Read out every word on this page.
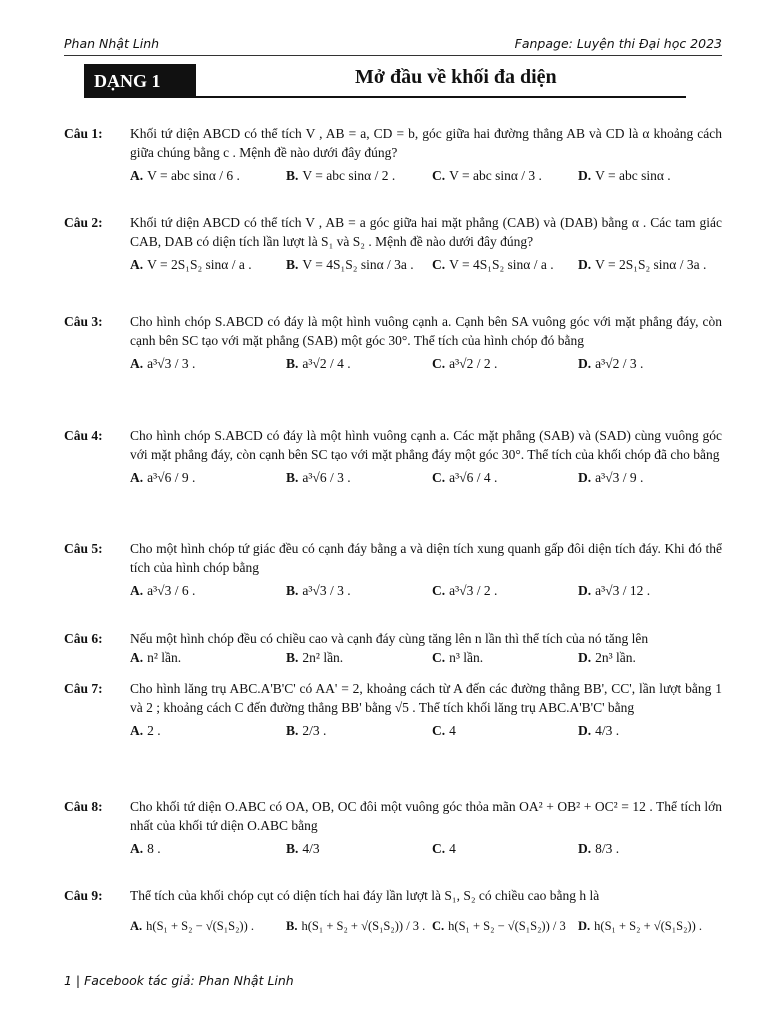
Phan Nhật Linh	Fanpage: Luyện thi Đại học 2023
DẠNG 1	Mở đầu về khối đa diện
Câu 1: Khối tứ diện ABCD có thể tích V , AB = a, CD = b, góc giữa hai đường thẳng AB và CD là α khoảng cách giữa chúng bằng c . Mệnh đề nào dưới đây đúng?
A. V = abc sinα / 6 .	B. V = abc sinα / 2 .	C. V = abc sinα / 3 .	D. V = abc sinα .
Câu 2: Khối tứ diện ABCD có thể tích V , AB = a góc giữa hai mặt phẳng (CAB) và (DAB) bằng α . Các tam giác CAB, DAB có diện tích lần lượt là S₁ và S₂ . Mệnh đề nào dưới đây đúng?
A. V = 2S₁S₂ sinα / a .	B. V = 4S₁S₂ sinα / 3a . C. V = 4S₁S₂ sinα / a . D. V = 2S₁S₂ sinα / 3a .
Câu 3: Cho hình chóp S.ABCD có đáy là một hình vuông cạnh a. Cạnh bên SA vuông góc với mặt phẳng đáy, còn cạnh bên SC tạo với mặt phẳng (SAB) một góc 30°. Thể tích của hình chóp đó bằng
A. a³√3 / 3 .	B. a³√2 / 4 .	C. a³√2 / 2 .	D. a³√2 / 3 .
Câu 4: Cho hình chóp S.ABCD có đáy là một hình vuông cạnh a. Các mặt phẳng (SAB) và (SAD) cùng vuông góc với mặt phẳng đáy, còn cạnh bên SC tạo với mặt phẳng đáy một góc 30°. Thể tích của khối chóp đã cho bằng
A. a³√6 / 9 .	B. a³√6 / 3 .	C. a³√6 / 4 .	D. a³√3 / 9 .
Câu 5: Cho một hình chóp tứ giác đều có cạnh đáy bằng a và diện tích xung quanh gấp đôi diện tích đáy. Khi đó thể tích của hình chóp bằng
A. a³√3 / 6 .	B. a³√3 / 3 .	C. a³√3 / 2 .	D. a³√3 / 12 .
Câu 6: Nếu một hình chóp đều có chiều cao và cạnh đáy cùng tăng lên n lần thì thể tích của nó tăng lên
A. n² lần.	B. 2n² lần.	C. n³ lần.	D. 2n³ lần.
Câu 7: Cho hình lăng trụ ABC.A'B'C' có AA' = 2, khoảng cách từ A đến các đường thẳng BB', CC', lần lượt bằng 1 và 2 ; khoảng cách C đến đường thẳng BB' bằng √5 . Thể tích khối lăng trụ ABC.A'B'C' bằng
A. 2 .	B. 2/3 .	C. 4	D. 4/3 .
Câu 8: Cho khối tứ diện O.ABC có OA, OB, OC đôi một vuông góc thỏa mãn OA² + OB² + OC² = 12 . Thể tích lớn nhất của khối tứ diện O.ABC bằng
A. 8 .	B. 4/3	C. 4	D. 8/3 .
Câu 9: Thể tích của khối chóp cụt có diện tích hai đáy lần lượt là S₁, S₂ có chiều cao bằng h là
A. h(S₁ + S₂ − √(S₁S₂)) .	B. h(S₁ + S₂ + √(S₁S₂)) / 3 . C. h(S₁ + S₂ − √(S₁S₂)) / 3 D. h(S₁ + S₂ + √(S₁S₂)) .
1 | Facebook tác giả: Phan Nhật Linh
